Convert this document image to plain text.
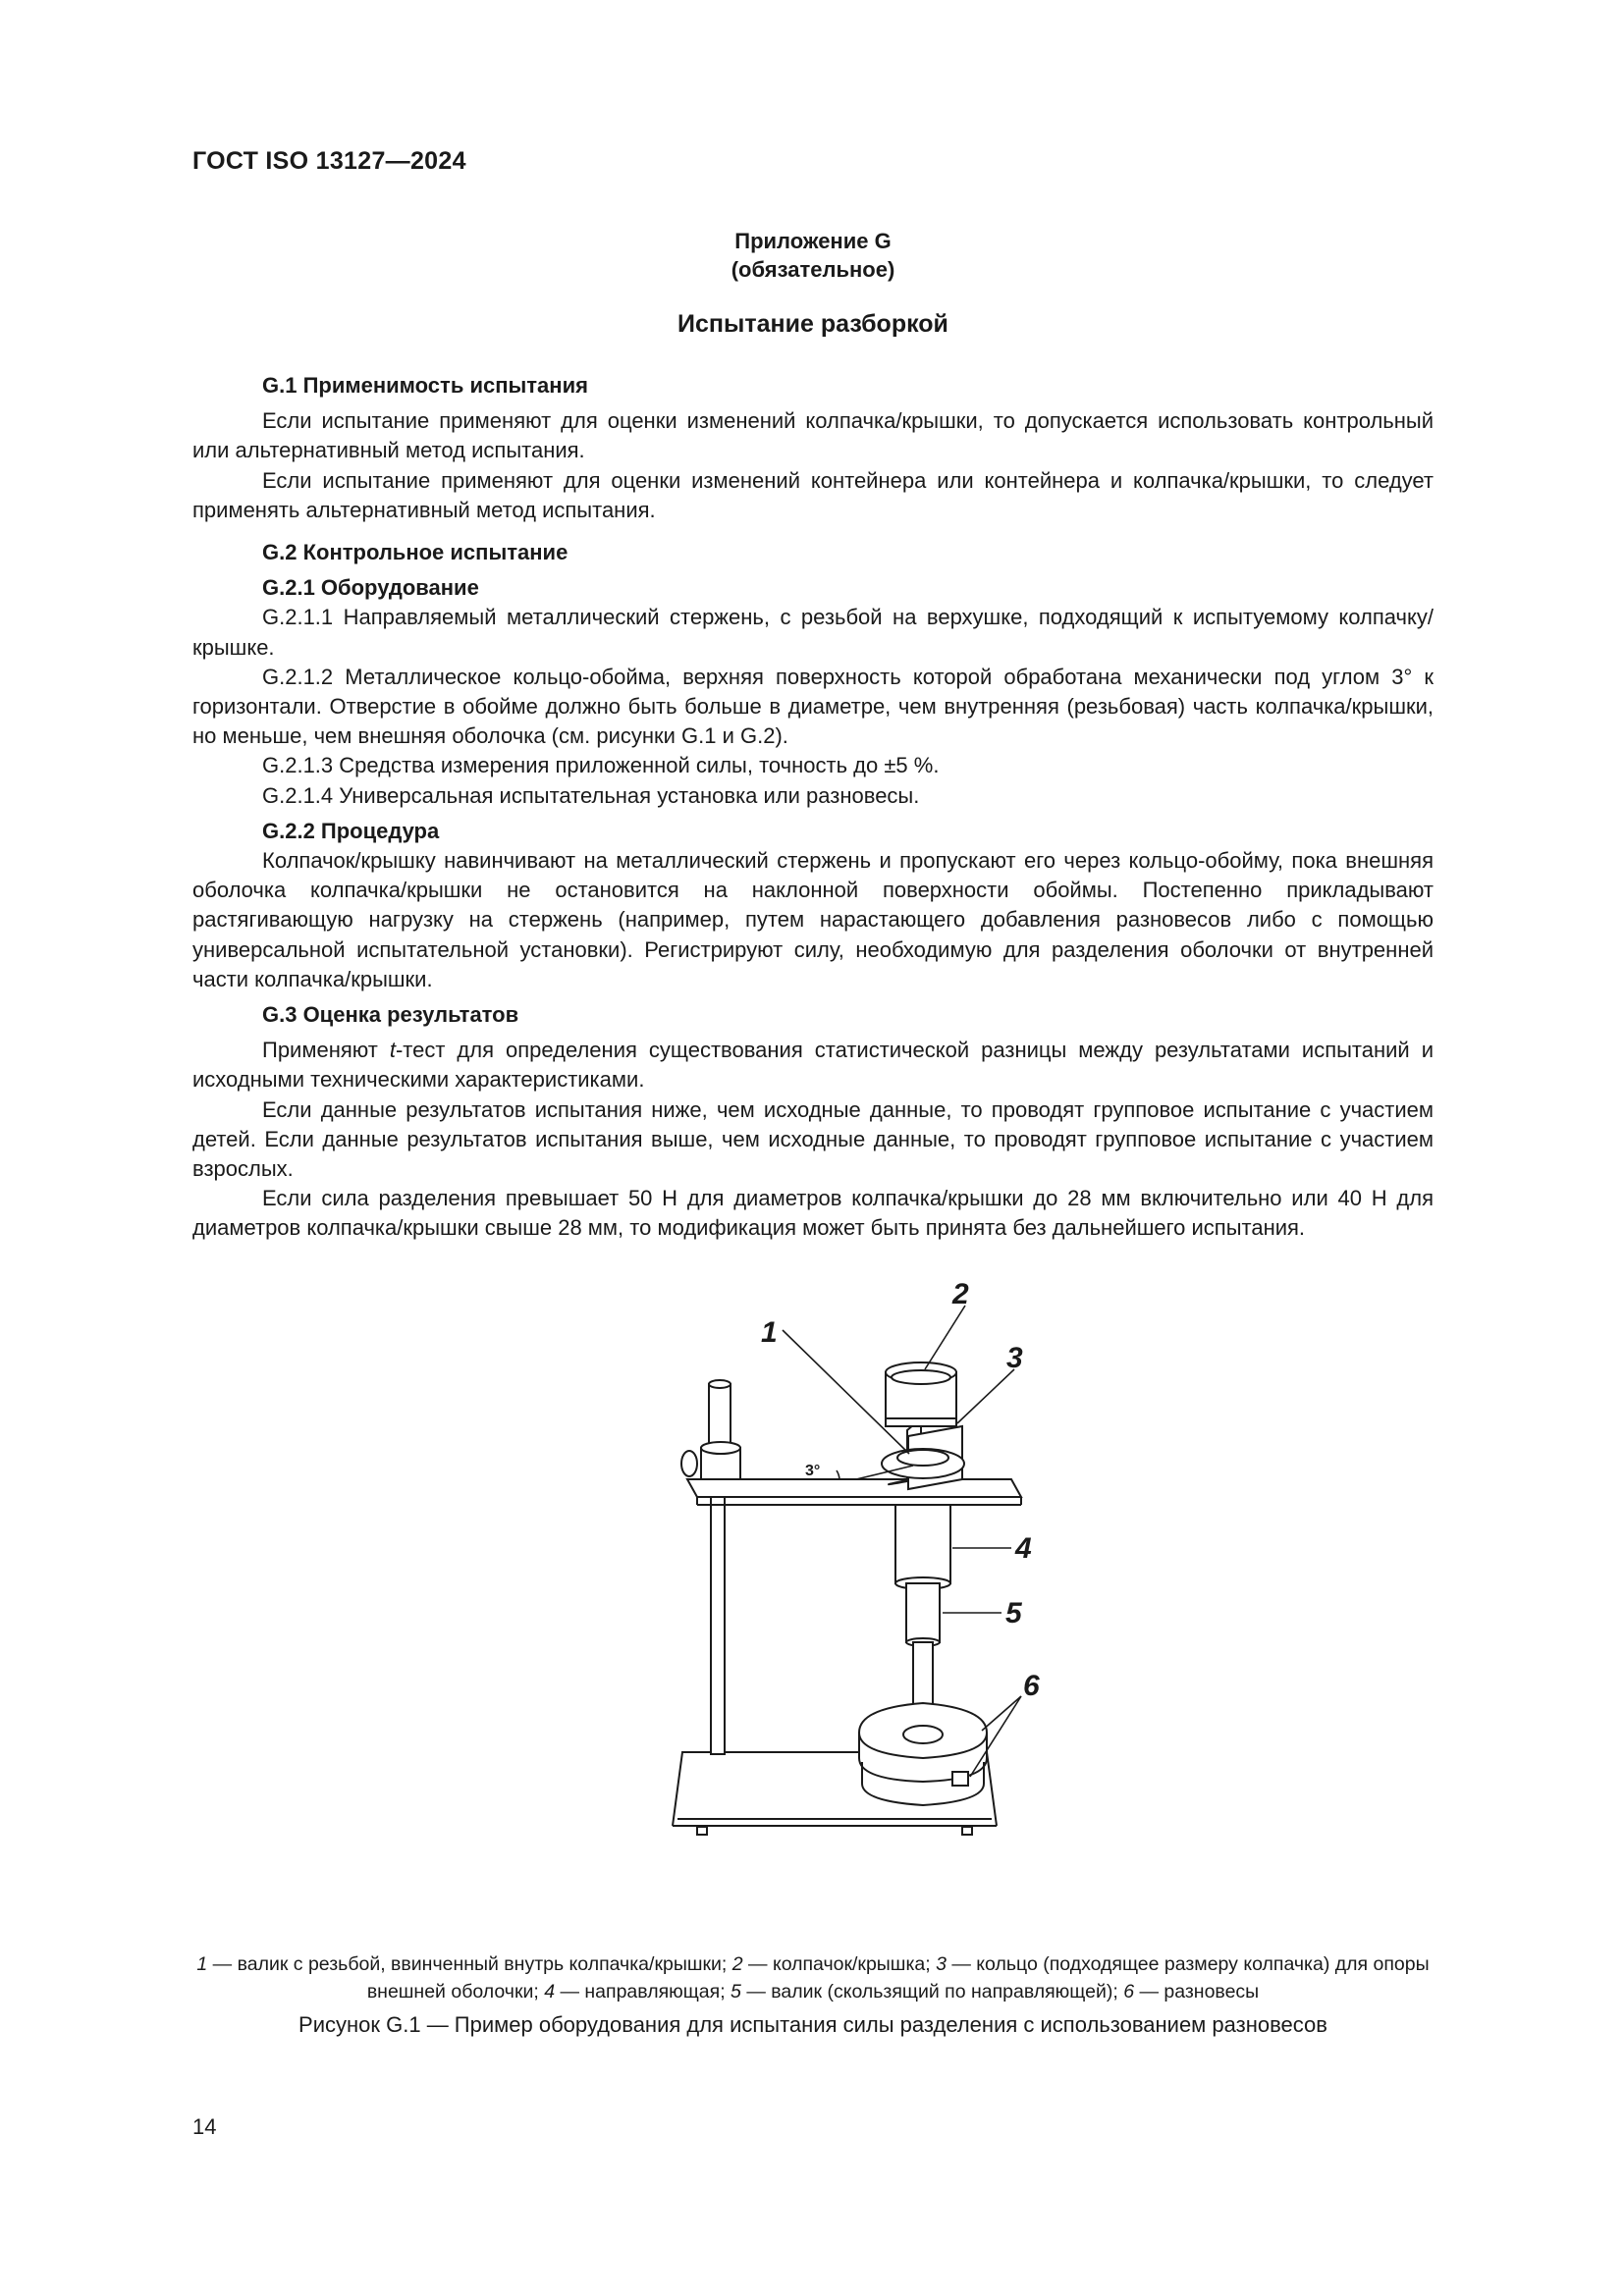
ГОСТ ISO 13127—2024
Приложение G
(обязательное)
Испытание разборкой
G.1 Применимость испытания

Если испытание применяют для оценки изменений колпачка/крышки, то допускается использовать контрольный или альтернативный метод испытания.

Если испытание применяют для оценки изменений контейнера или контейнера и колпачка/крышки, то следует применять альтернативный метод испытания.

G.2 Контрольное испытание
G.2.1 Оборудование

G.2.1.1 Направляемый металлический стержень, с резьбой на верхушке, подходящий к испытуемому колпачку/крышке.

G.2.1.2 Металлическое кольцо-обойма, верхняя поверхность которой обработана механически под углом 3° к горизонтали. Отверстие в обойме должно быть больше в диаметре, чем внутренняя (резьбовая) часть колпачка/крышки, но меньше, чем внешняя оболочка (см. рисунки G.1 и G.2).

G.2.1.3 Средства измерения приложенной силы, точность до ±5 %.

G.2.1.4 Универсальная испытательная установка или разновесы.

G.2.2 Процедура

Колпачок/крышку навинчивают на металлический стержень и пропускают его через кольцо-обойму, пока внешняя оболочка колпачка/крышки не остановится на наклонной поверхности обоймы. Постепенно прикладывают растягивающую нагрузку на стержень (например, путем нарастающего добавления разновесов либо с помощью универсальной испытательной установки). Регистрируют силу, необходимую для разделения оболочки от внутренней части колпачка/крышки.

G.3 Оценка результатов

Применяют t-тест для определения существования статистической разницы между результатами испытаний и исходными техническими характеристиками.

Если данные результатов испытания ниже, чем исходные данные, то проводят групповое испытание с участием детей. Если данные результатов испытания выше, чем исходные данные, то проводят групповое испытание с участием взрослых.

Если сила разделения превышает 50 Н для диаметров колпачка/крышки до 28 мм включительно или 40 Н для диаметров колпачка/крышки свыше 28 мм, то модификация может быть принята без дальнейшего испытания.

1
2
3
4
5
6
3°
1 — валик с резьбой, ввинченный внутрь колпачка/крышки; 2 — колпачок/крышка; 3 — кольцо (подходящее размеру колпачка) для опоры внешней оболочки; 4 — направляющая; 5 — валик (скользящий по направляющей); 6 — разновесы
Рисунок G.1 — Пример оборудования для испытания силы разделения с использованием разновесов
14
